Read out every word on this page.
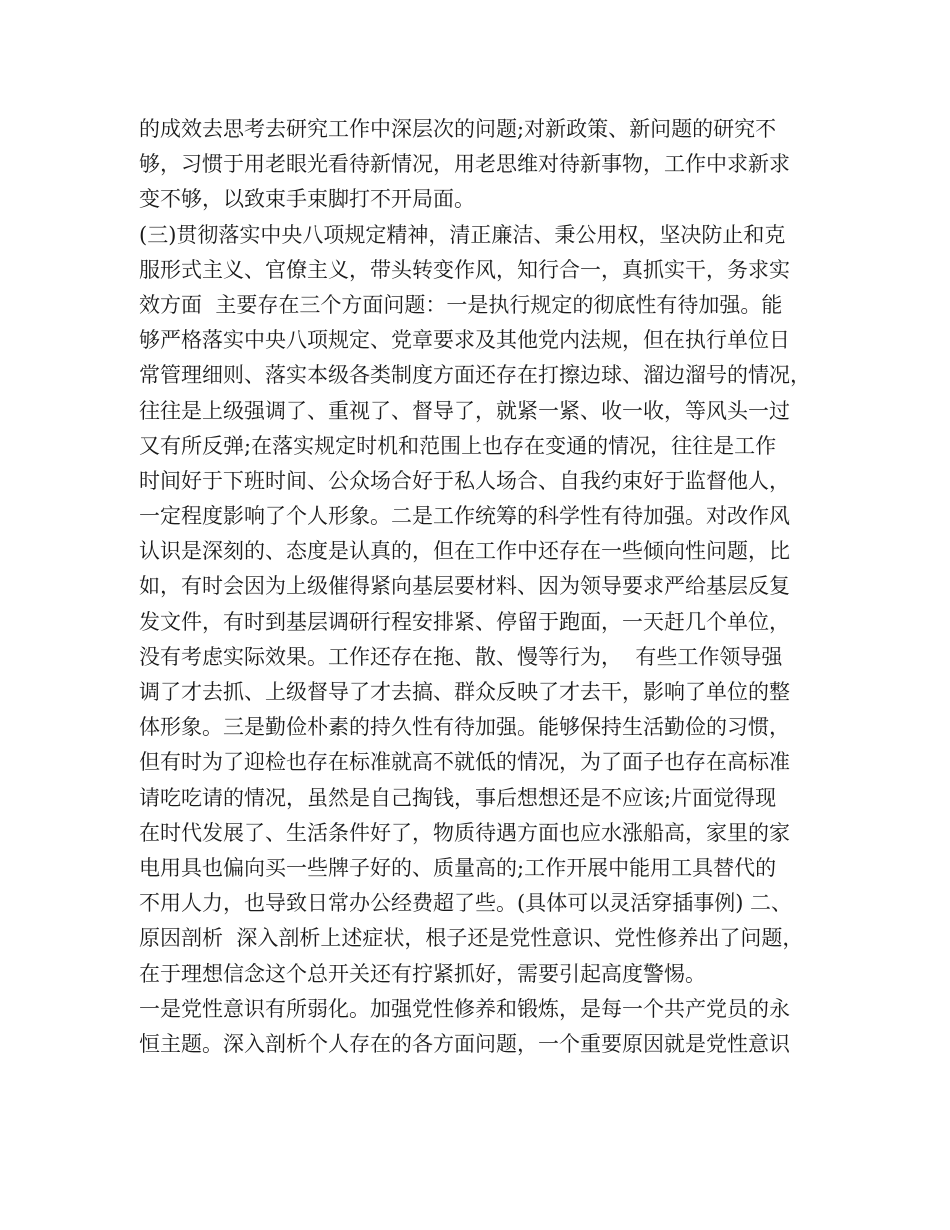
的成效去思考去研究工作中深层次的问题;对新政策、新问题的研究不
够，习惯于用老眼光看待新情况，用老思维对待新事物，工作中求新求
变不够，以致束手束脚打不开局面。
(三)贯彻落实中央八项规定精神，清正廉洁、秉公用权，坚决防止和克
服形式主义、官僚主义，带头转变作风，知行合一，真抓实干，务求实
效方面  主要存在三个方面问题：一是执行规定的彻底性有待加强。能
够严格落实中央八项规定、党章要求及其他党内法规，但在执行单位日
常管理细则、落实本级各类制度方面还存在打擦边球、溜边溜号的情况，
往往是上级强调了、重视了、督导了，就紧一紧、收一收，等风头一过
又有所反弹;在落实规定时机和范围上也存在变通的情况，往往是工作
时间好于下班时间、公众场合好于私人场合、自我约束好于监督他人，
一定程度影响了个人形象。二是工作统筹的科学性有待加强。对改作风
认识是深刻的、态度是认真的，但在工作中还存在一些倾向性问题，比
如，有时会因为上级催得紧向基层要材料、因为领导要求严给基层反复
发文件，有时到基层调研行程安排紧、停留于跑面，一天赶几个单位，
没有考虑实际效果。工作还存在拖、散、慢等行为，  有些工作领导强
调了才去抓、上级督导了才去搞、群众反映了才去干，影响了单位的整
体形象。三是勤俭朴素的持久性有待加强。能够保持生活勤俭的习惯，
但有时为了迎检也存在标准就高不就低的情况，为了面子也存在高标准
请吃吃请的情况，虽然是自己掏钱，事后想想还是不应该;片面觉得现
在时代发展了、生活条件好了，物质待遇方面也应水涨船高，家里的家
电用具也偏向买一些牌子好的、质量高的;工作开展中能用工具替代的
不用人力，也导致日常办公经费超了些。(具体可以灵活穿插事例) 二、
原因剖析  深入剖析上述症状，根子还是党性意识、党性修养出了问题，
在于理想信念这个总开关还有拧紧抓好，需要引起高度警惕。
一是党性意识有所弱化。加强党性修养和锻炼，是每一个共产党员的永
恒主题。深入剖析个人存在的各方面问题，一个重要原因就是党性意识
